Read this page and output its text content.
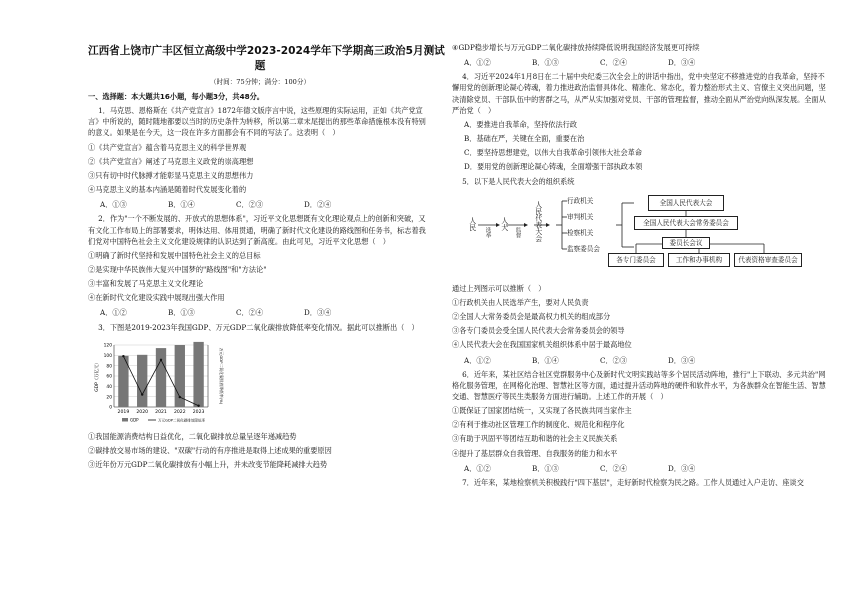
江西省上饶市广丰区恒立高级中学2023-2024学年下学期高三政治5月测试
题
（时间：75分钟；满分：100分）
一、选择题：本大题共16小题，每小题3分，共48分。

1．马克思、恩格斯在《共产党宣言》1872年德文版序言中说，这些原理的实际运用，正如《共产党宣言》中所说的，随时随地都要以当时的历史条件为转移，所以第二章末尾提出的那些革命措施根本没有特别的意义。如果是在今天，这一段在许多方面都会有不同的写法了。这表明（　）

①《共产党宣言》蕴含着马克思主义的科学世界观

②《共产党宣言》阐述了马克思主义政党的崇高理想

③只有切中时代脉搏才能彰显马克思主义的思想伟力

④马克思主义的基本内涵是随着时代发展变化着的

A．①③	B．①④	C．②③	D．②④

2．作为"一个不断发展的、开放式的思想体系"，习近平文化思想既有文化理论观点上的创新和突破，又有文化工作布局上的部署要求，明体达用、体用贯通，明确了新时代文化建设的路线图和任务书，标志着我们党对中国特色社会主义文化建设规律的认识达到了新高度。由此可见，习近平文化思想（　）

①明确了新时代坚持和发展中国特色社会主义的总目标

②是实现中华民族伟大复兴中国梦的"路线图"和"方法论"

③丰富和发展了马克思主义文化理论

④在新时代文化建设实践中展现出强大作用

A．①②	B．①③	C．②④	D．③④

3．下图是2019-2023年我国GDP、万元GDP二氧化碳排放降低率变化情况。据此可以推断出（　）

0
20
40
60
80
100
120
2019 2020 2021 2022 2023
GDP（万亿元）	万元GDP二氧化碳排放降低率(%)
GDP	万元GDP二氧化碳排放降低率

①我国能源消费结构日益优化，二氧化碳排放总量呈逐年递减趋势

②碳排放交易市场的建设、"双碳"行动的有序推进是取得上述成果的重要原因

③近年份万元GDP二氧化碳排放有小幅上升，并未改变节能降耗减排大趋势

④GDP稳步增长与万元GDP二氧化碳排放持续降低说明我国经济发展更可持续

A．①②	B．①③	C．②④	D．③④

4．习近平2024年1月8日在二十届中央纪委三次全会上的讲话中指出，党中央坚定不移推进党的自我革命，坚持不懈用党的创新理论凝心铸魂，着力推进政治监督具体化、精准化、常态化，着力整治形式主义、官僚主义突出问题，坚决清除党员、干部队伍中的害群之马，从严从实加强对党员、干部的管理监督，推动全面从严治党向纵深发展。全面从严治党（　）

A．要推进自我革命，坚持依法行政

B．基础在严，关键在全面，重要在治

C．要坚持思想建党，以伟大自我革命引领伟大社会革命

D．要用党的创新理论凝心铸魂，全面增强干部执政本领

5．以下是人民代表大会的组织系统

人民
选举
人大
监督 人民代表大会	行政机关
审判机关
检察机关
监察委员会
全国人民代表大会
全国人民代表大会常务委员会
委员长会议
各专门委员会	工作和办事机构	代表资格审查委员会

通过上列图示可以推断（　）

①行政机关由人民选举产生，要对人民负责

②全国人大常务委员会是最高权力机关的组成部分

③各专门委员会受全国人民代表大会常务委员会的领导

④人民代表大会在我国国家机关组织体系中居于最高地位

A．①②	B．①④	C．②③	D．③④

6．近年来，某社区结合社区党群服务中心及新时代文明实践站等多个居民活动阵地，推行"上下联动、多元共治"网格化服务管理，在网格化治理、智慧社区等方面，通过提升活动阵地的硬件和软件水平，为各族群众在智能生活、智慧交通、智慧医疗等民生类服务方面进行辅助。上述工作的开展（　）

①既保证了国家团结统一，又实现了各民族共同当家作主

②有利于推动社区管理工作的制度化、规范化和程序化

③有助于巩固平等团结互助和谐的社会主义民族关系

④提升了基层群众自我管理、自我服务的能力和水平

A．①②	B．①③	C．②④	D．③④

7．近年来，某地检察机关积极践行"四下基层"，走好新时代检察为民之路。工作人员通过入户走访、座谈交
